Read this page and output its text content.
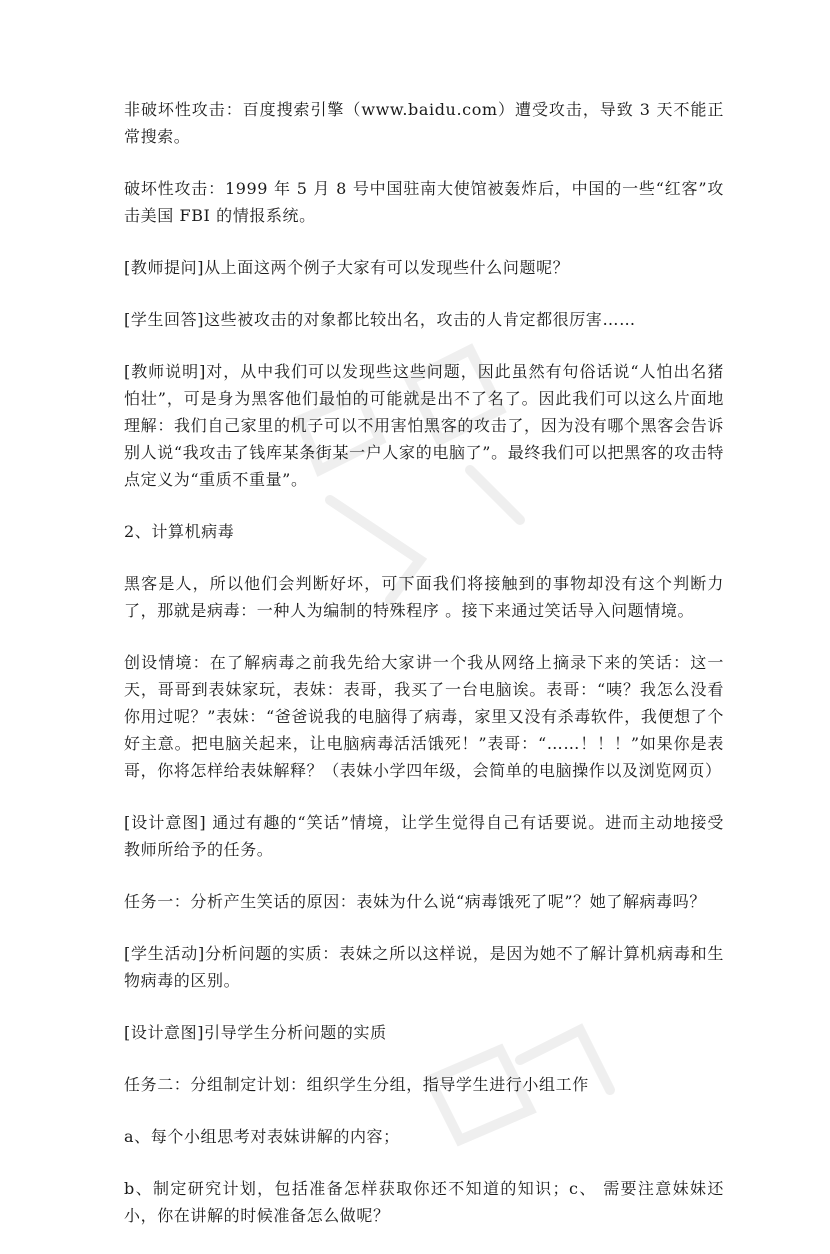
非破坏性攻击：百度搜索引擎（www.baidu.com）遭受攻击，导致 3 天不能正常搜索。

破坏性攻击：1999 年 5 月 8 号中国驻南大使馆被轰炸后，中国的一些“红客”攻击美国 FBI 的情报系统。

[教师提问]从上面这两个例子大家有可以发现些什么问题呢？

[学生回答]这些被攻击的对象都比较出名，攻击的人肯定都很厉害……

[教师说明]对，从中我们可以发现些这些问题，因此虽然有句俗话说“人怕出名猪怕壮”，可是身为黑客他们最怕的可能就是出不了名了。因此我们可以这么片面地理解：我们自己家里的机子可以不用害怕黑客的攻击了，因为没有哪个黑客会告诉别人说“我攻击了钱库某条街某一户人家的电脑了”。最终我们可以把黑客的攻击特点定义为“重质不重量”。

2、计算机病毒

黑客是人，所以他们会判断好坏，可下面我们将接触到的事物却没有这个判断力了，那就是病毒：一种人为编制的特殊程序 。接下来通过笑话导入问题情境。

创设情境：在了解病毒之前我先给大家讲一个我从网络上摘录下来的笑话：这一天，哥哥到表妹家玩，表妹：表哥，我买了一台电脑诶。表哥：“咦？我怎么没看你用过呢？”表妹：“爸爸说我的电脑得了病毒，家里又没有杀毒软件，我便想了个好主意。把电脑关起来，让电脑病毒活活饿死！”表哥：“……！！！”如果你是表哥，你将怎样给表妹解释？（表妹小学四年级，会简单的电脑操作以及浏览网页）

[设计意图] 通过有趣的“笑话”情境，让学生觉得自己有话要说。进而主动地接受教师所给予的任务。

任务一：分析产生笑话的原因：表妹为什么说“病毒饿死了呢”？她了解病毒吗？

[学生活动]分析问题的实质：表妹之所以这样说，是因为她不了解计算机病毒和生物病毒的区别。

[设计意图]引导学生分析问题的实质

任务二：分组制定计划：组织学生分组，指导学生进行小组工作

a、每个小组思考对表妹讲解的内容；

b、制定研究计划，包括准备怎样获取你还不知道的知识；c、 需要注意妹妹还小，你在讲解的时候准备怎么做呢？
